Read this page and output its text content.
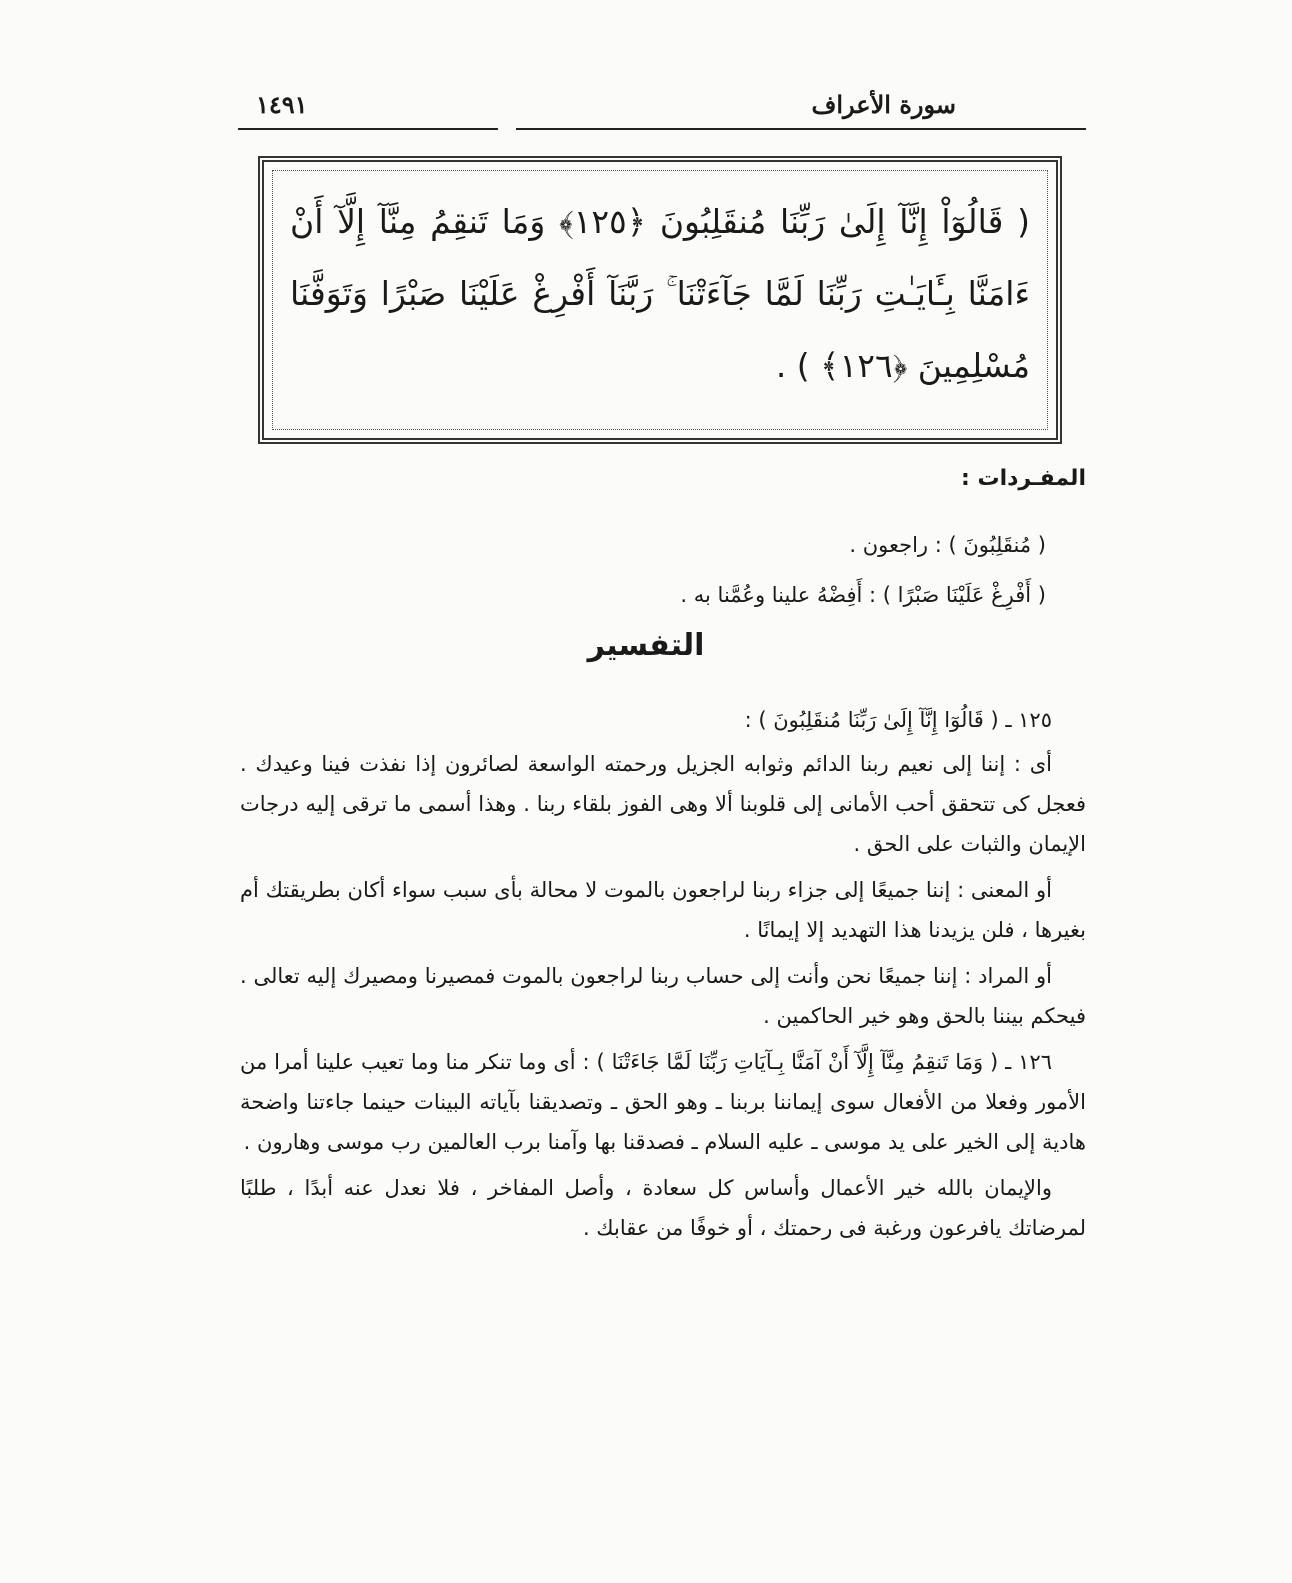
سورة الأعراف
١٤٩١
( قَالُوٓاْ إِنَّآ إِلَىٰ رَبِّنَا مُنقَلِبُونَ ﴿١٢٥﴾ وَمَا تَنقِمُ مِنَّآ إِلَّآ أَنْ ءَامَنَّا بِـَٔايَـٰتِ رَبِّنَا لَمَّا جَآءَتْنَا ۚ رَبَّنَآ أَفْرِغْ عَلَيْنَا صَبْرًا وَتَوَفَّنَا مُسْلِمِينَ ﴿١٢٦﴾ ) .
المفـردات :
( مُنقَلِبُونَ ) : راجعون .
( أَفْرِغْ عَلَيْنَا صَبْرًا ) : أَفِضْهُ علينا وعُمَّنا به .
التفسير

١٢٥ ـ ( قَالُوٓا إِنَّآ إِلَىٰ رَبِّنَا مُنقَلِبُونَ ) :

أى : إننا إلى نعيم ربنا الدائم وثوابه الجزيل ورحمته الواسعة لصائرون إذا نفذت فينا وعيدك . فعجل كى تتحقق أحب الأمانى إلى قلوبنا ألا وهى الفوز بلقاء ربنا . وهذا أسمى ما ترقى إليه درجات الإيمان والثبات على الحق .

أو المعنى : إننا جميعًا إلى جزاء ربنا لراجعون بالموت لا محالة بأى سبب سواء أكان بطريقتك أم بغيرها ، فلن يزيدنا هذا التهديد إلا إيمانًا .

أو المراد : إننا جميعًا نحن وأنت إلى حساب ربنا لراجعون بالموت فمصيرنا ومصيرك إليه تعالى . فيحكم بيننا بالحق وهو خير الحاكمين .

١٢٦ ـ ( وَمَا تَنقِمُ مِنَّآ إِلَّآ أَنْ آمَنَّا بِـآيَاتِ رَبِّنَا لَمَّا جَاءَتْنَا ) : أى وما تنكر منا وما تعيب علينا أمرا من الأمور وفعلا من الأفعال سوى إيماننا بربنا ـ وهو الحق ـ وتصديقنا بآياته البينات حينما جاءتنا واضحة هادية إلى الخير على يد موسى ـ عليه السلام ـ فصدقنا بها وآمنا برب العالمين رب موسى وهارون .

والإيمان بالله خير الأعمال وأساس كل سعادة ، وأصل المفاخر ، فلا نعدل عنه أبدًا ، طلبًا لمرضاتك يافرعون ورغبة فى رحمتك ، أو خوفًا من عقابك .
